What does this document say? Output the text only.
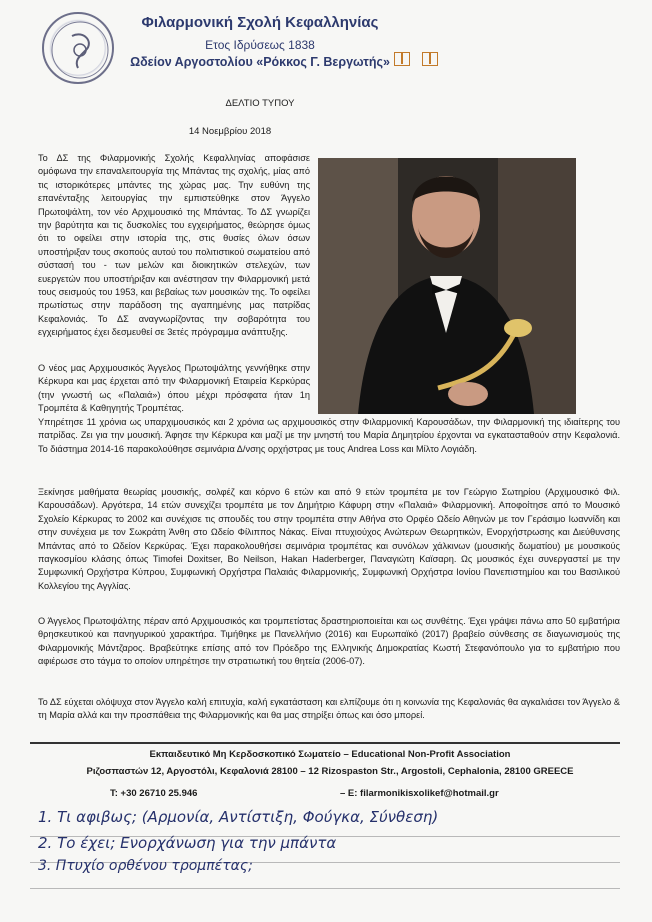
Φιλαρμονική Σχολή Κεφαλληνίας
Ετος Ιδρύσεως 1838
Ωδείον Αργοστολίου «Ρόκκος Γ. Βεργωτής»
ΔΕΛΤΙΟ ΤΥΠΟΥ
14 Νοεμβρίου 2018

Το ΔΣ της Φιλαρμονικής Σχολής Κεφαλληνίας αποφάσισε ομόφωνα την επαναλειτουργία της Μπάντας της σχολής, μίας από τις ιστορικότερες μπάντες της χώρας μας. Την ευθύνη της επανένταξης λειτουργίας την εμπιστεύθηκε στον Άγγελο Πρωτοψάλτη, τον νέο Αρχιμουσικό της Μπάντας. Το ΔΣ γνωρίζει την βαρύτητα και τις δυσκολίες του εγχειρήματος, θεώρησε όμως ότι το οφείλει στην ιστορία της, στις θυσίες όλων όσων υποστήριξαν τους σκοπούς αυτού του πολιτιστικού σωματείου από σύστασή του - των μελών και διοικητικών στελεχών, των ευεργετών που υποστήριξαν και ανέστησαν την Φιλαρμονική μετά τους σεισμούς του 1953, και βεβαίως των μουσικών της. Το οφείλει πρωτίστως στην παράδοση της αγαπημένης μας πατρίδας Κεφαλονιάς. Το ΔΣ αναγνωρίζοντας την σοβαρότητα του εγχειρήματος έχει δεσμευθεί σε 3ετές πρόγραμμα ανάπτυξης.

Ο νέος μας Αρχιμουσικός Άγγελος Πρωτοψάλτης γεννήθηκε στην Κέρκυρα και μας έρχεται από την Φιλαρμονική Εταιρεία Κερκύρας (την γνωστή ως «Παλαιά») όπου μέχρι πρόσφατα ήταν 1η Τρομπέτα & Καθηγητής Τρομπέτας.

Υπηρέτησε 11 χρόνια ως υπαρχιμουσικός και 2 χρόνια ως αρχιμουσικός στην Φιλαρμονική Καρουσάδων, την Φιλαρμονική της ιδιαίτερης του πατρίδας. Ζει για την μουσική. Άφησε την Κέρκυρα και μαζί με την μνηστή του Μαρία Δημητρίου έρχονται να εγκατασταθούν στην Κεφαλονιά. Το διάστημα 2014-16 παρακολούθησε σεμινάρια Δ/νσης ορχήστρας με τους Andrea Loss και Μίλτο Λογιάδη.

Ξεκίνησε μαθήματα θεωρίας μουσικής, σολφέζ και κόρνο 6 ετών και από 9 ετών τρομπέτα με τον Γεώργιο Σωτηρίου (Αρχιμουσικό Φιλ. Καρουσάδων). Αργότερα, 14 ετών συνεχίζει τρομπέτα με τον Δημήτριο Κάφυρη στην «Παλαιά» Φιλαρμονική. Αποφοίτησε από το Μουσικό Σχολείο Κέρκυρας το 2002 και συνέχισε τις σπουδές του στην τρομπέτα στην Αθήνα στο Ορφέο Ωδείο Αθηνών με τον Γεράσιμο Ιωαννίδη και στην συνέχεια με τον Σωκράτη Άνθη στο Ωδείο Φίλιππος Νάκας. Είναι πτυχιούχος Ανώτερων Θεωρητικών, Ενορχήστρωσης και Διεύθυνσης Μπάντας από το Ωδείον Κερκύρας. Έχει παρακολουθήσει σεμινάρια τρομπέτας και συνόλων χάλκινων (μουσικής δωματίου) με μουσικούς παγκοσμίου κλάσης όπως Timofei Doxitser, Bo Neilson, Hakan Haderberger, Παναγιώτη Καϊσαρη. Ως μουσικός έχει συνεργαστεί με την Συμφωνική Ορχήστρα Κύπρου, Συμφωνική Ορχήστρα Παλαιάς Φιλαρμονικής, Συμφωνική Ορχήστρα Ιονίου Πανεπιστημίου και του Βασιλικού Κολλεγίου της Αγγλίας.

Ο Άγγελος Πρωτοψάλτης πέραν από Αρχιμουσικός και τρομπετίστας δραστηριοποιείται και ως συνθέτης. Έχει γράψει πάνω απο 50 εμβατήρια θρησκευτικού και πανηγυρικού χαρακτήρα. Τιμήθηκε με Πανελλήνιο (2016) και Ευρωπαϊκό (2017) βραβείο σύνθεσης σε διαγωνισμούς της Φιλαρμονικής Μάντζαρος. Βραβεύτηκε επίσης από τον Πρόεδρο της Ελληνικής Δημοκρατίας Κωστή Στεφανόπουλο για το εμβατήριο που αφιέρωσε στο τάγμα το οποίον υπηρέτησε την στρατιωτική του θητεία (2006-07).

Το ΔΣ εύχεται ολόψυχα στον Άγγελο καλή επιτυχία, καλή εγκατάσταση και ελπίζουμε ότι η κοινωνία της Κεφαλονιάς θα αγκαλιάσει τον Άγγελο & τη Μαρία αλλά και την προσπάθεια της Φιλαρμονικής και θα μας στηρίξει όπως και όσο μπορεί.

Εκπαιδευτικό Μη Κερδοσκοπικό Σωματείο – Educational Non-Profit Association
Ριζοσπαστών 12, Αργοστόλι, Κεφαλονιά 28100 – 12 Rizospaston Str., Argostoli, Cephalonia, 28100 GREECE
T: +30 26710 25.946	– E: filarmonikisxolikef@hotmail.gr
1. Τι αφιβως; (Αρμονία, Αντίστιξη, Φούγκα, Σύνθεση)
2. Το έχει; Ενορχάνωση για την μπάντα
3. Πτυχίο ορθένου τρομπέτας;
